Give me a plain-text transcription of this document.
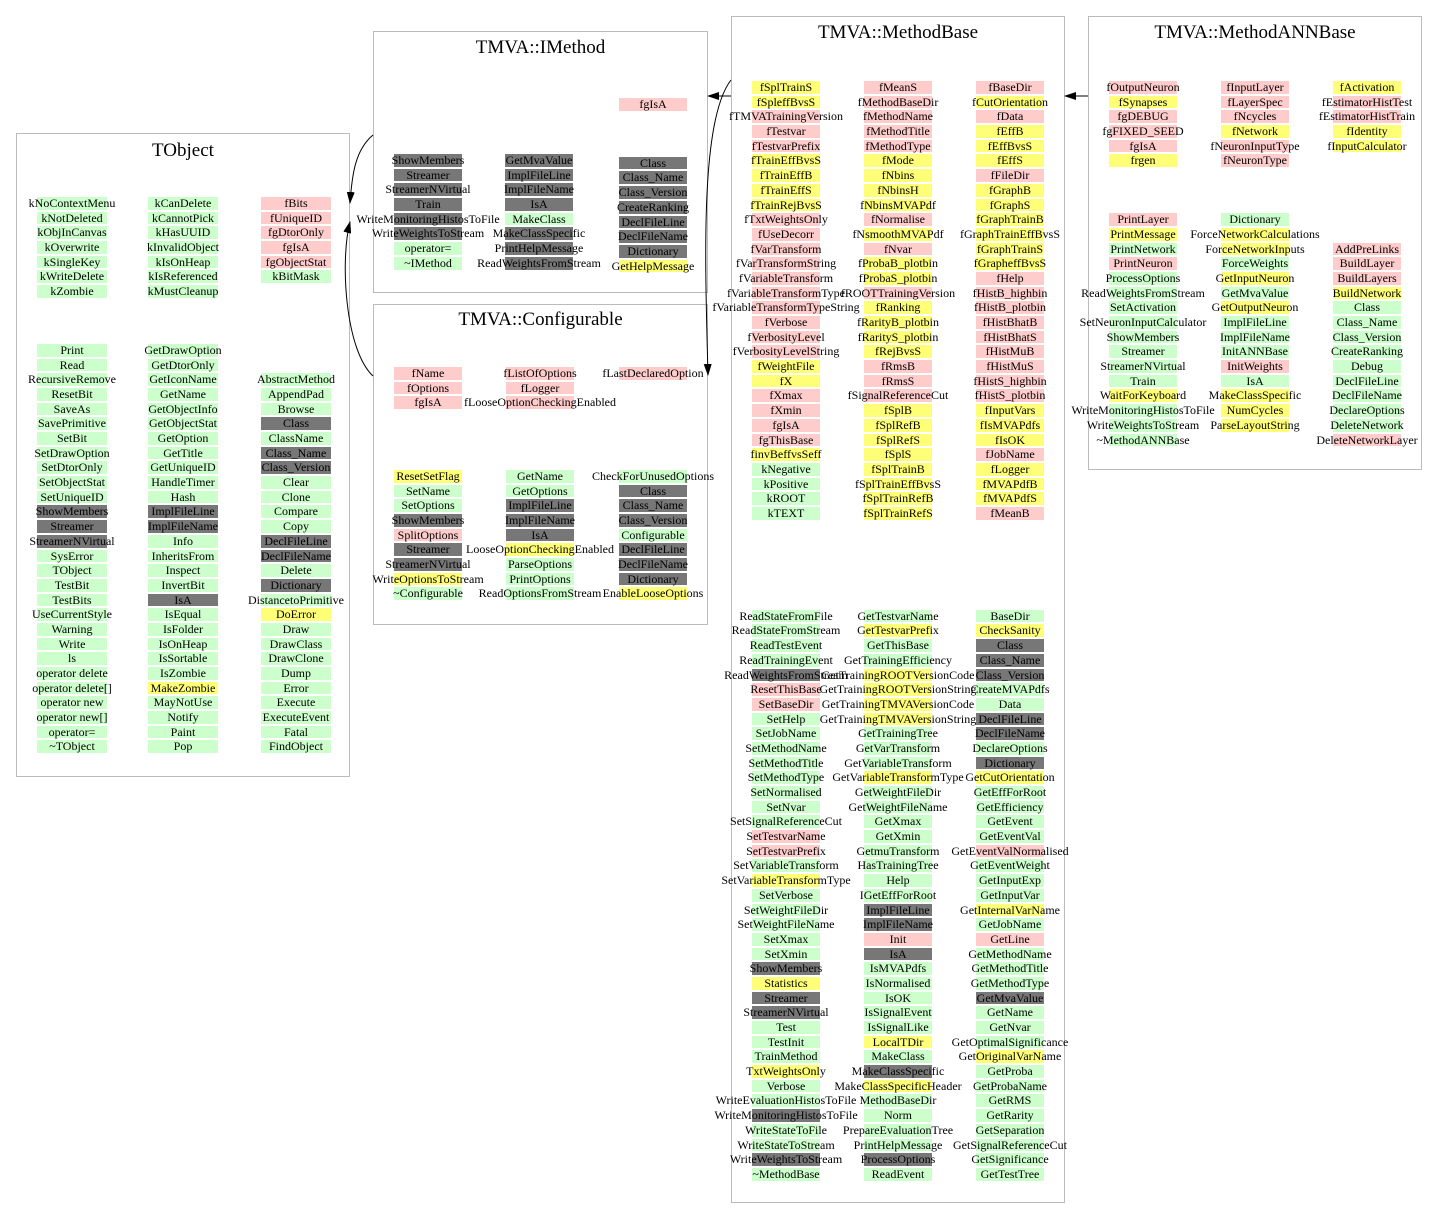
TObject
kNoContextMenu
kNotDeleted
kObjInCanvas
kOverwrite
kSingleKey
kWriteDelete
kZombie
Print
Read
RecursiveRemove
ResetBit
SaveAs
SavePrimitive
SetBit
SetDrawOption
SetDtorOnly
SetObjectStat
SetUniqueID
ShowMembers
Streamer
StreamerNVirtual
SysError
TObject
TestBit
TestBits
UseCurrentStyle
Warning
Write
ls
operator delete
operator delete[]
operator new
operator new[]
operator=
~TObject
kCanDelete
kCannotPick
kHasUUID
kInvalidObject
kIsOnHeap
kIsReferenced
kMustCleanup
GetDrawOption
GetDtorOnly
GetIconName
GetName
GetObjectInfo
GetObjectStat
GetOption
GetTitle
GetUniqueID
HandleTimer
Hash
ImplFileLine
ImplFileName
Info
InheritsFrom
Inspect
InvertBit
IsA
IsEqual
IsFolder
IsOnHeap
IsSortable
IsZombie
MakeZombie
MayNotUse
Notify
Paint
Pop
fBits
fUniqueID
fgDtorOnly
fgIsA
fgObjectStat
kBitMask
AbstractMethod
AppendPad
Browse
Class
ClassName
Class_Name
Class_Version
Clear
Clone
Compare
Copy
DeclFileLine
DeclFileName
Delete
Dictionary
DistancetoPrimitive
DoError
Draw
DrawClass
DrawClone
Dump
Error
Execute
ExecuteEvent
Fatal
FindObject
TMVA::IMethod
ShowMembers
Streamer
StreamerNVirtual
Train
WriteMonitoringHistosToFile
WriteWeightsToStream
operator=
~IMethod
GetMvaValue
ImplFileLine
ImplFileName
IsA
MakeClass
MakeClassSpecific
PrintHelpMessage
ReadWeightsFromStream
fgIsA
Class
Class_Name
Class_Version
CreateRanking
DeclFileLine
DeclFileName
Dictionary
GetHelpMessage
TMVA::Configurable
fName
fOptions
fgIsA
ResetSetFlag
SetName
SetOptions
ShowMembers
SplitOptions
Streamer
StreamerNVirtual
WriteOptionsToStream
~Configurable
fListOfOptions
fLogger
fLooseOptionCheckingEnabled
GetName
GetOptions
ImplFileLine
ImplFileName
IsA
LooseOptionCheckingEnabled
ParseOptions
PrintOptions
ReadOptionsFromStream
fLastDeclaredOption
CheckForUnusedOptions
Class
Class_Name
Class_Version
Configurable
DeclFileLine
DeclFileName
Dictionary
EnableLooseOptions
TMVA::MethodBase
fSplTrainS
fSpleffBvsS
fTMVATrainingVersion
fTestvar
fTestvarPrefix
fTrainEffBvsS
fTrainEffB
fTrainEffS
fTrainRejBvsS
fTxtWeightsOnly
fUseDecorr
fVarTransform
fVarTransformString
fVariableTransform
fVariableTransformType
fVariableTransformTypeString
fVerbose
fVerbosityLevel
fVerbosityLevelString
fWeightFile
fX
fXmax
fXmin
fgIsA
fgThisBase
finvBeffvsSeff
kNegative
kPositive
kROOT
kTEXT
ReadStateFromFile
ReadStateFromStream
ReadTestEvent
ReadTrainingEvent
ReadWeightsFromStream
ResetThisBase
SetBaseDir
SetHelp
SetJobName
SetMethodName
SetMethodTitle
SetMethodType
SetNormalised
SetNvar
SetSignalReferenceCut
SetTestvarName
SetTestvarPrefix
SetVariableTransform
SetVariableTransformType
SetVerbose
SetWeightFileDir
SetWeightFileName
SetXmax
SetXmin
ShowMembers
Statistics
Streamer
StreamerNVirtual
Test
TestInit
TrainMethod
TxtWeightsOnly
Verbose
WriteEvaluationHistosToFile
WriteMonitoringHistosToFile
WriteStateToFile
WriteStateToStream
WriteWeightsToStream
~MethodBase
fMeanS
fMethodBaseDir
fMethodName
fMethodTitle
fMethodType
fMode
fNbins
fNbinsH
fNbinsMVAPdf
fNormalise
fNsmoothMVAPdf
fNvar
fProbaB_plotbin
fProbaS_plotbin
fROOTTrainingVersion
fRanking
fRarityB_plotbin
fRarityS_plotbin
fRejBvsS
fRmsB
fRmsS
fSignalReferenceCut
fSplB
fSplRefB
fSplRefS
fSplS
fSplTrainB
fSplTrainEffBvsS
fSplTrainRefB
fSplTrainRefS
GetTestvarName
GetTestvarPrefix
GetThisBase
GetTrainingEfficiency
GetTrainingROOTVersionCode
GetTrainingROOTVersionString
GetTrainingTMVAVersionCode
GetTrainingTMVAVersionString
GetTrainingTree
GetVarTransform
GetVariableTransform
GetVariableTransformType
GetWeightFileDir
GetWeightFileName
GetXmax
GetXmin
GetmuTransform
HasTrainingTree
Help
IGetEffForRoot
ImplFileLine
ImplFileName
Init
IsA
IsMVAPdfs
IsNormalised
IsOK
IsSignalEvent
IsSignalLike
LocalTDir
MakeClass
MakeClassSpecific
MakeClassSpecificHeader
MethodBaseDir
Norm
PrepareEvaluationTree
PrintHelpMessage
ProcessOptions
ReadEvent
fBaseDir
fCutOrientation
fData
fEffB
fEffBvsS
fEffS
fFileDir
fGraphB
fGraphS
fGraphTrainB
fGraphTrainEffBvsS
fGraphTrainS
fGrapheffBvsS
fHelp
fHistB_highbin
fHistB_plotbin
fHistBhatB
fHistBhatS
fHistMuB
fHistMuS
fHistS_highbin
fHistS_plotbin
fInputVars
fIsMVAPdfs
fIsOK
fJobName
fLogger
fMVAPdfB
fMVAPdfS
fMeanB
BaseDir
CheckSanity
Class
Class_Name
Class_Version
CreateMVAPdfs
Data
DeclFileLine
DeclFileName
DeclareOptions
Dictionary
GetCutOrientation
GetEffForRoot
GetEfficiency
GetEvent
GetEventVal
GetEventValNormalised
GetEventWeight
GetInputExp
GetInputVar
GetInternalVarName
GetJobName
GetLine
GetMethodName
GetMethodTitle
GetMethodType
GetMvaValue
GetName
GetNvar
GetOptimalSignificance
GetOriginalVarName
GetProba
GetProbaName
GetRMS
GetRarity
GetSeparation
GetSignalReferenceCut
GetSignificance
GetTestTree
TMVA::MethodANNBase
fOutputNeuron
fSynapses
fgDEBUG
fgFIXED_SEED
fgIsA
frgen
PrintLayer
PrintMessage
PrintNetwork
PrintNeuron
ProcessOptions
ReadWeightsFromStream
SetActivation
SetNeuronInputCalculator
ShowMembers
Streamer
StreamerNVirtual
Train
WaitForKeyboard
WriteMonitoringHistosToFile
WriteWeightsToStream
~MethodANNBase
fInputLayer
fLayerSpec
fNcycles
fNetwork
fNeuronInputType
fNeuronType
Dictionary
ForceNetworkCalculations
ForceNetworkInputs
ForceWeights
GetInputNeuron
GetMvaValue
GetOutputNeuron
ImplFileLine
ImplFileName
InitANNBase
InitWeights
IsA
MakeClassSpecific
NumCycles
ParseLayoutString
fActivation
fEstimatorHistTest
fEstimatorHistTrain
fIdentity
fInputCalculator
AddPreLinks
BuildLayer
BuildLayers
BuildNetwork
Class
Class_Name
Class_Version
CreateRanking
Debug
DeclFileLine
DeclFileName
DeclareOptions
DeleteNetwork
DeleteNetworkLayer
